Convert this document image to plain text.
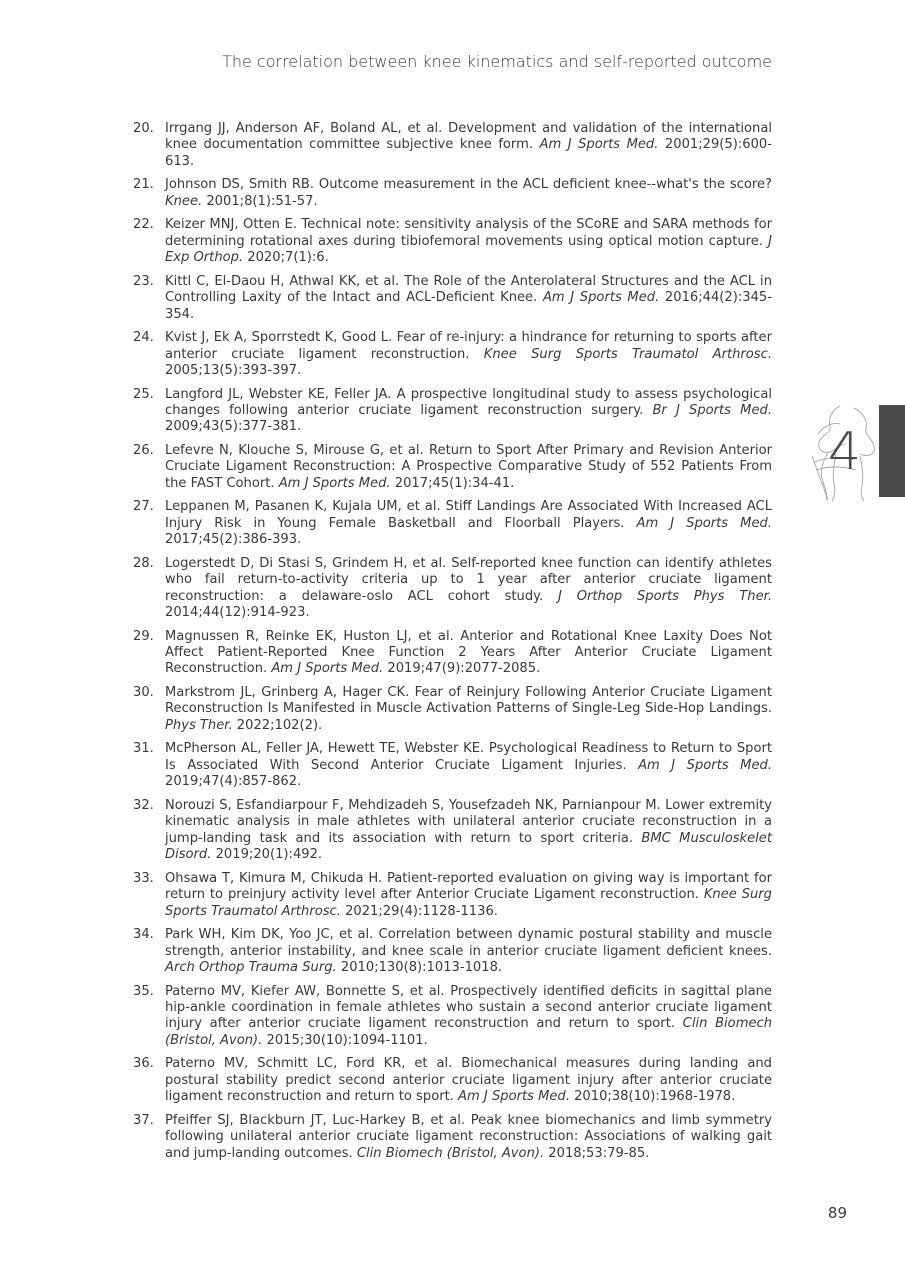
The correlation between knee kinematics and self-reported outcome
20. Irrgang JJ, Anderson AF, Boland AL, et al. Development and validation of the international knee documentation committee subjective knee form. Am J Sports Med. 2001;29(5):600-613.
21. Johnson DS, Smith RB. Outcome measurement in the ACL deficient knee--what's the score? Knee. 2001;8(1):51-57.
22. Keizer MNJ, Otten E. Technical note: sensitivity analysis of the SCoRE and SARA methods for determining rotational axes during tibiofemoral movements using optical motion capture. J Exp Orthop. 2020;7(1):6.
23. Kittl C, El-Daou H, Athwal KK, et al. The Role of the Anterolateral Structures and the ACL in Controlling Laxity of the Intact and ACL-Deficient Knee. Am J Sports Med. 2016;44(2):345-354.
24. Kvist J, Ek A, Sporrstedt K, Good L. Fear of re-injury: a hindrance for returning to sports after anterior cruciate ligament reconstruction. Knee Surg Sports Traumatol Arthrosc. 2005;13(5):393-397.
25. Langford JL, Webster KE, Feller JA. A prospective longitudinal study to assess psychological changes following anterior cruciate ligament reconstruction surgery. Br J Sports Med. 2009;43(5):377-381.
26. Lefevre N, Klouche S, Mirouse G, et al. Return to Sport After Primary and Revision Anterior Cruciate Ligament Reconstruction: A Prospective Comparative Study of 552 Patients From the FAST Cohort. Am J Sports Med. 2017;45(1):34-41.
27. Leppanen M, Pasanen K, Kujala UM, et al. Stiff Landings Are Associated With Increased ACL Injury Risk in Young Female Basketball and Floorball Players. Am J Sports Med. 2017;45(2):386-393.
28. Logerstedt D, Di Stasi S, Grindem H, et al. Self-reported knee function can identify athletes who fail return-to-activity criteria up to 1 year after anterior cruciate ligament reconstruction: a delaware-oslo ACL cohort study. J Orthop Sports Phys Ther. 2014;44(12):914-923.
29. Magnussen R, Reinke EK, Huston LJ, et al. Anterior and Rotational Knee Laxity Does Not Affect Patient-Reported Knee Function 2 Years After Anterior Cruciate Ligament Reconstruction. Am J Sports Med. 2019;47(9):2077-2085.
30. Markstrom JL, Grinberg A, Hager CK. Fear of Reinjury Following Anterior Cruciate Ligament Reconstruction Is Manifested in Muscle Activation Patterns of Single-Leg Side-Hop Landings. Phys Ther. 2022;102(2).
31. McPherson AL, Feller JA, Hewett TE, Webster KE. Psychological Readiness to Return to Sport Is Associated With Second Anterior Cruciate Ligament Injuries. Am J Sports Med. 2019;47(4):857-862.
32. Norouzi S, Esfandiarpour F, Mehdizadeh S, Yousefzadeh NK, Parnianpour M. Lower extremity kinematic analysis in male athletes with unilateral anterior cruciate reconstruction in a jump-landing task and its association with return to sport criteria. BMC Musculoskelet Disord. 2019;20(1):492.
33. Ohsawa T, Kimura M, Chikuda H. Patient-reported evaluation on giving way is important for return to preinjury activity level after Anterior Cruciate Ligament reconstruction. Knee Surg Sports Traumatol Arthrosc. 2021;29(4):1128-1136.
34. Park WH, Kim DK, Yoo JC, et al. Correlation between dynamic postural stability and muscle strength, anterior instability, and knee scale in anterior cruciate ligament deficient knees. Arch Orthop Trauma Surg. 2010;130(8):1013-1018.
35. Paterno MV, Kiefer AW, Bonnette S, et al. Prospectively identified deficits in sagittal plane hip-ankle coordination in female athletes who sustain a second anterior cruciate ligament injury after anterior cruciate ligament reconstruction and return to sport. Clin Biomech (Bristol, Avon). 2015;30(10):1094-1101.
36. Paterno MV, Schmitt LC, Ford KR, et al. Biomechanical measures during landing and postural stability predict second anterior cruciate ligament injury after anterior cruciate ligament reconstruction and return to sport. Am J Sports Med. 2010;38(10):1968-1978.
37. Pfeiffer SJ, Blackburn JT, Luc-Harkey B, et al. Peak knee biomechanics and limb symmetry following unilateral anterior cruciate ligament reconstruction: Associations of walking gait and jump-landing outcomes. Clin Biomech (Bristol, Avon). 2018;53:79-85.
4
89
